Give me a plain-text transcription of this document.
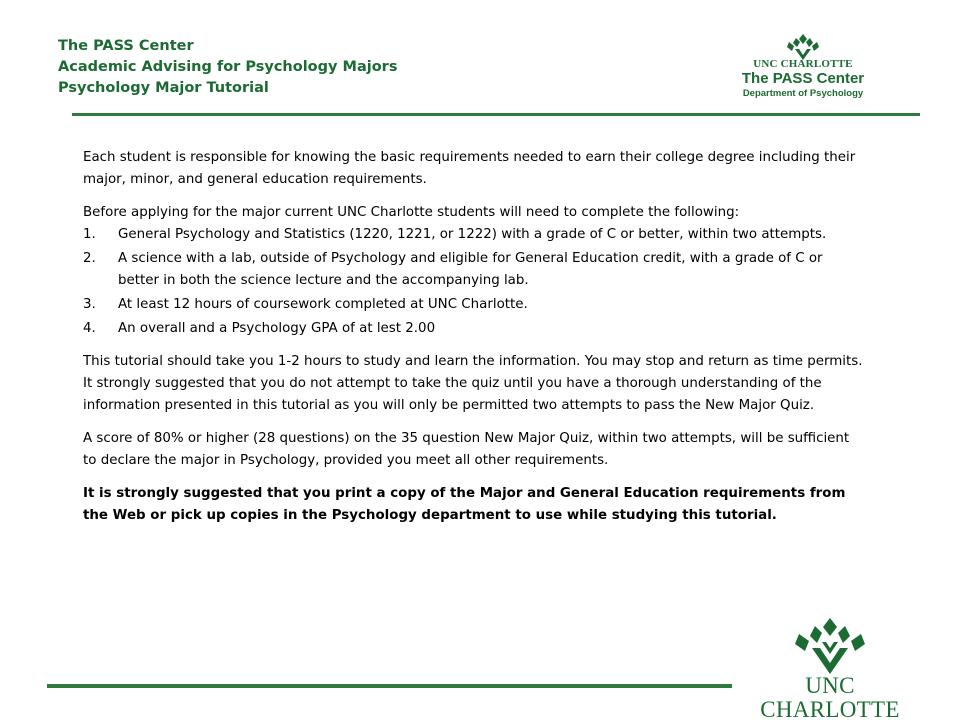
The PASS Center
Academic Advising for Psychology Majors
Psychology Major Tutorial
UNC CHARLOTTE
The PASS Center
Department of Psychology

Each student is responsible for knowing the basic requirements needed to earn their college degree including their major, minor, and general education requirements.

Before applying for the major current UNC Charlotte students will need to complete the following:

1. General Psychology and Statistics (1220, 1221, or 1222) with a grade of C or better, within two attempts.
2. A science with a lab, outside of Psychology and eligible for General Education credit, with a grade of C or better in both the science lecture and the accompanying lab.
3. At least 12 hours of coursework completed at UNC Charlotte.
4. An overall and a Psychology GPA of at lest 2.00

This tutorial should take you 1-2 hours to study and learn the information. You may stop and return as time permits. It strongly suggested that you do not attempt to take the quiz until you have a thorough understanding of the information presented in this tutorial as you will only be permitted two attempts to pass the New Major Quiz.

A score of 80% or higher (28 questions) on the 35 question New Major Quiz, within two attempts, will be sufficient to declare the major in Psychology, provided you meet all other requirements.

It is strongly suggested that you print a copy of the Major and General Education requirements from the Web or pick up copies in the Psychology department to use while studying this tutorial.

UNC CHARLOTTE
